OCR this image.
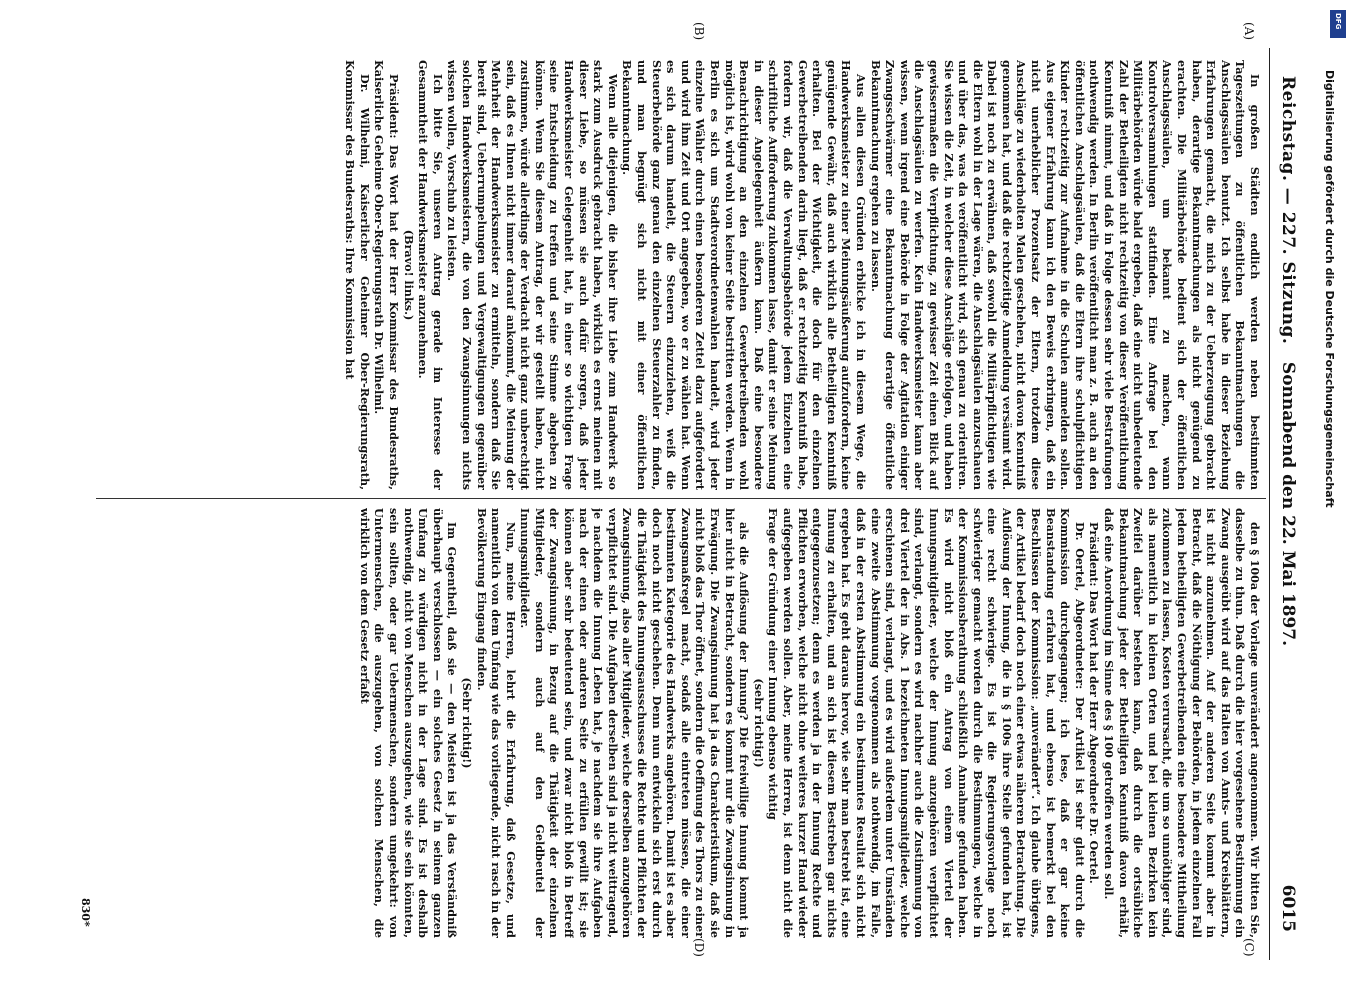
Reichstag. — 227. Sitzung.
Sonnabend den 22. Mai 1897.
6015
(A)
(B)
(C)
(D)

In großen Städten endlich werden neben bestimmten Tageszeitungen zu öffentlichen Bekanntmachungen die Anschlagssäulen benutzt. Ich selbst habe in dieser Beziehung Erfahrungen gemacht, die mich zu der Ueberzeugung gebracht haben, derartige Bekanntmachungen als nicht genügend zu erachten. Die Militärbehörde bedient sich der öffentlichen Anschlagssäulen, um bekannt zu machen, wann Kontrolversammlungen stattfinden. Eine Anfrage bei den Militärbehörden würde bald ergeben, daß eine nicht unbedeutende Zahl der Betheiligten nicht rechtzeitig von dieser Veröffentlichung Kenntniß nimmt, und daß in Folge dessen sehr viele Bestrafungen nothwendig werden. In Berlin veröffentlicht man z. B. auch an den öffentlichen Anschlagsäulen, daß die Eltern ihre schulpflichtigen Kinder rechtzeitig zur Aufnahme in die Schulen anmelden sollen. Aus eigener Erfahrung kann ich den Beweis erbringen, daß ein nicht unerheblicher Prozentsatz der Eltern, trotzdem diese Anschläge zu wiederholten Malen geschehen, nicht davon Kenntniß genommen hat, und daß die rechtzeitige Anmeldung versäumt wird. Dabei ist noch zu erwähnen, daß sowohl die Militärpflichtigen wie die Eltern wohl in der Lage wären, die Anschlagsäulen anzuschauen und über das, was da veröffentlicht wird, sich genau zu orientiren. Sie wissen die Zeit, in welcher diese Anschläge erfolgen, und haben gewissermaßen die Verpflichtung, zu gewisser Zeit einen Blick auf die Anschlagsäulen zu werfen. Kein Handwerksmeister kann aber wissen, wenn irgend eine Behörde in Folge der Agitation einiger Zwangsschwärmer eine Bekanntmachung derartige öffentliche Bekanntmachung ergehen zu lassen.

Aus allen diesen Gründen erblicke ich in diesem Wege, die Handwerksmeister zu einer Meinungsäußerung aufzufordern, keine genügende Gewähr, daß auch wirklich alle Betheiligten Kenntniß erhalten. Bei der Wichtigkeit, die doch für den einzelnen Gewerbetreibenden darin liegt, daß er rechtzeitig Kenntniß habe, fordern wir, daß die Verwaltungsbehörde jedem Einzelnen eine schriftliche Aufforderung zukommen lasse, damit er seine Meinung in dieser Angelegenheit äußern kann. Daß eine besondere Benachrichtigung an den einzelnen Gewerbetreibenden wohl möglich ist, wird wohl von keiner Seite bestritten werden. Wenn in Berlin es sich um Stadtverordnetenwahlen handelt, wird jeder einzelne Wähler durch einen besonderen Zettel dazu aufgefordert und wird ihm Zeit und Ort angegeben, wo er zu wählen hat. Wenn es sich darum handelt, die Steuern einzuziehen, weiß die Steuerbehörde ganz genau den einzelnen Steuerzahler zu finden, und man begnügt sich nicht mit einer öffentlichen Bekanntmachung.

Wenn alle diejenigen, die bisher ihre Liebe zum Handwerk so stark zum Ausdruck gebracht haben, wirklich es ernst meinen mit dieser Liebe, so müssen sie auch dafür sorgen, daß jeder Handwerksmeister Gelegenheit hat, in einer so wichtigen Frage seine Entscheidung zu treffen und seine Stimme abgeben zu können. Wenn Sie diesem Antrag, der wir gestellt haben, nicht zustimmen, würde allerdings der Verdacht nicht ganz unberechtigt sein, daß es Ihnen nicht immer darauf ankommt, die Meinung der Mehrheit der Handwerksmeister zu ermitteln, sondern daß Sie bereit sind, Ueberrumpelungen und Vergewaltigungen gegenüber solchen Handwerksmeistern, die von den Zwangsinnungen nichts wissen wollen, Vorschub zu leisten.

Ich bitte Sie, unseren Antrag gerade im Interesse der Gesammtheit der Handwerksmeister anzunehmen.

(Bravo! links.)

Präsident: Das Wort hat der Herr Kommissar des Bundesraths, Kaiserliche Geheime Ober-Regierungsrath Dr. Wilhelmi.

Dr. Wilhelmi, Kaiserlicher Geheimer Ober-Regierungsrath, Kommissar des Bundesraths: Ihre Kommission hat

den § 100a der Vorlage unverändert angenommen. Wir bitten Sie, dasselbe zu thun. Daß durch die hier vorgesehene Bestimmung ein Zwang ausgeübt wird auf das Halten von Amts- und Kreisblättern, ist nicht anzunehmen. Auf der anderen Seite kommt aber in Betracht, daß die Nöthigung der Behörden, in jedem einzelnen Fall jedem betheiligten Gewerbetreibenden eine besondere Mittheilung zukommen zu lassen, Kosten verursacht, die um so unnöthiger sind, als namentlich in kleinen Orten und bei kleinen Bezirken kein Zweifel darüber bestehen kann, daß durch die ortsübliche Bekanntmachung jeder der Betheiligten Kenntniß davon erhält, daß eine Anordnung im Sinne des § 100 getroffen werden soll.

Präsident: Das Wort hat der Herr Abgeordnete Dr. Oertel.

Dr. Oertel, Abgeordneter: Der Artikel ist sehr glatt durch die Kommission durchgegangen; ich lese, daß er gar keine Beanstandung erfahren hat, und ebenso ist bemerkt bei den Beschlüssen der Kommission: „unverändert“. Ich glaube übrigens, der Artikel bedarf doch noch einer etwas näheren Betrachtung. Die Auflösung der Innung, die in § 100s ihre Stelle gefunden hat, ist eine recht schwierige. Es ist die Regierungsvorlage noch schwieriger gemacht worden durch die Bestimmungen, welche in der Kommissionsberathung schließlich Annahme gefunden haben. Es wird nicht bloß ein Antrag von einem Viertel der Innungsmitglieder, welche der Innung anzugehören verpflichtet sind, verlangt, sondern es wird nachher auch die Zustimmung von drei Viertel der in Abs. 1 bezeichneten Innungsmitglieder, welche erschienen sind, verlangt, und es wird außerdem unter Umständen eine zweite Abstimmung vorgenommen als nothwendig, im Falle, daß in der ersten Abstimmung ein bestimmtes Resultat sich nicht ergeben hat. Es geht daraus hervor, wie sehr man bestrebt ist, eine Innung zu erhalten, und an sich ist diesem Bestreben gar nichts entgegenzusetzen; denn es werden ja in der Innung Rechte und Pflichten erworben, welche nicht ohne weiteres kurzer Hand wieder aufgegeben werden sollen. Aber, meine Herren, ist denn nicht die Frage der Gründung einer Innung ebenso wichtig

(sehr richtig!)

als die Auflösung der Innung? Die freiwillige Innung kommt ja hier nicht in Betracht, sondern es kommt nur die Zwangsinnung in Erwägung. Die Zwangsinnung hat ja das Charakteristikum, daß sie nicht bloß das Thor öffnet, sondern die Oeffnung des Thors zu einer Zwangsmaßregel macht, sodaß alle eintreten müssen, die einer bestimmten Kategorie des Handwerks angehören. Damit ist es aber doch noch nicht geschehen. Denn nun entwickeln sich erst durch die Thätigkeit des Innungsausschusses die Rechte und Pflichten der Zwangsinnung, also aller Mitglieder, welche derselben anzugehören verpflichtet sind. Die Aufgaben derselben sind ja nicht weittragend, je nachdem die Innung Leben hat, je nachdem sie ihre Aufgaben nach der einen oder anderen Seite zu erfüllen gewillt ist; sie können aber sehr bedeutend sein, und zwar nicht bloß in Betreff der Zwangsinnung, in Bezug auf die Thätigkeit der einzelnen Mitglieder, sondern auch auf den Geldbeutel der Innungsmitglieder.

Nun, meine Herren, lehrt die Erfahrung, daß Gesetze, und namentlich von dem Umfang wie das vorliegende, nicht rasch in der Bevölkerung Eingang finden.

(Sehr richtig!)

Im Gegentheil, daß sie — den Meisten ist ja das Verständniß überhaupt verschlossen — ein solches Gesetz in seinem ganzen Umfang zu würdigen nicht in der Lage sind. Es ist deshalb nothwendig, nicht von Menschen auszugehen, wie sie sein könnten, sein sollten, oder gar Uebermenschen, sondern umgekehrt: von Untermenschen, die auszugehen, von solchen Menschen, die wirklich von dem Gesetz erfaßt

830*
DFG
Digitalisierung gefördert durch die Deutsche Forschungsgemeinschaft
